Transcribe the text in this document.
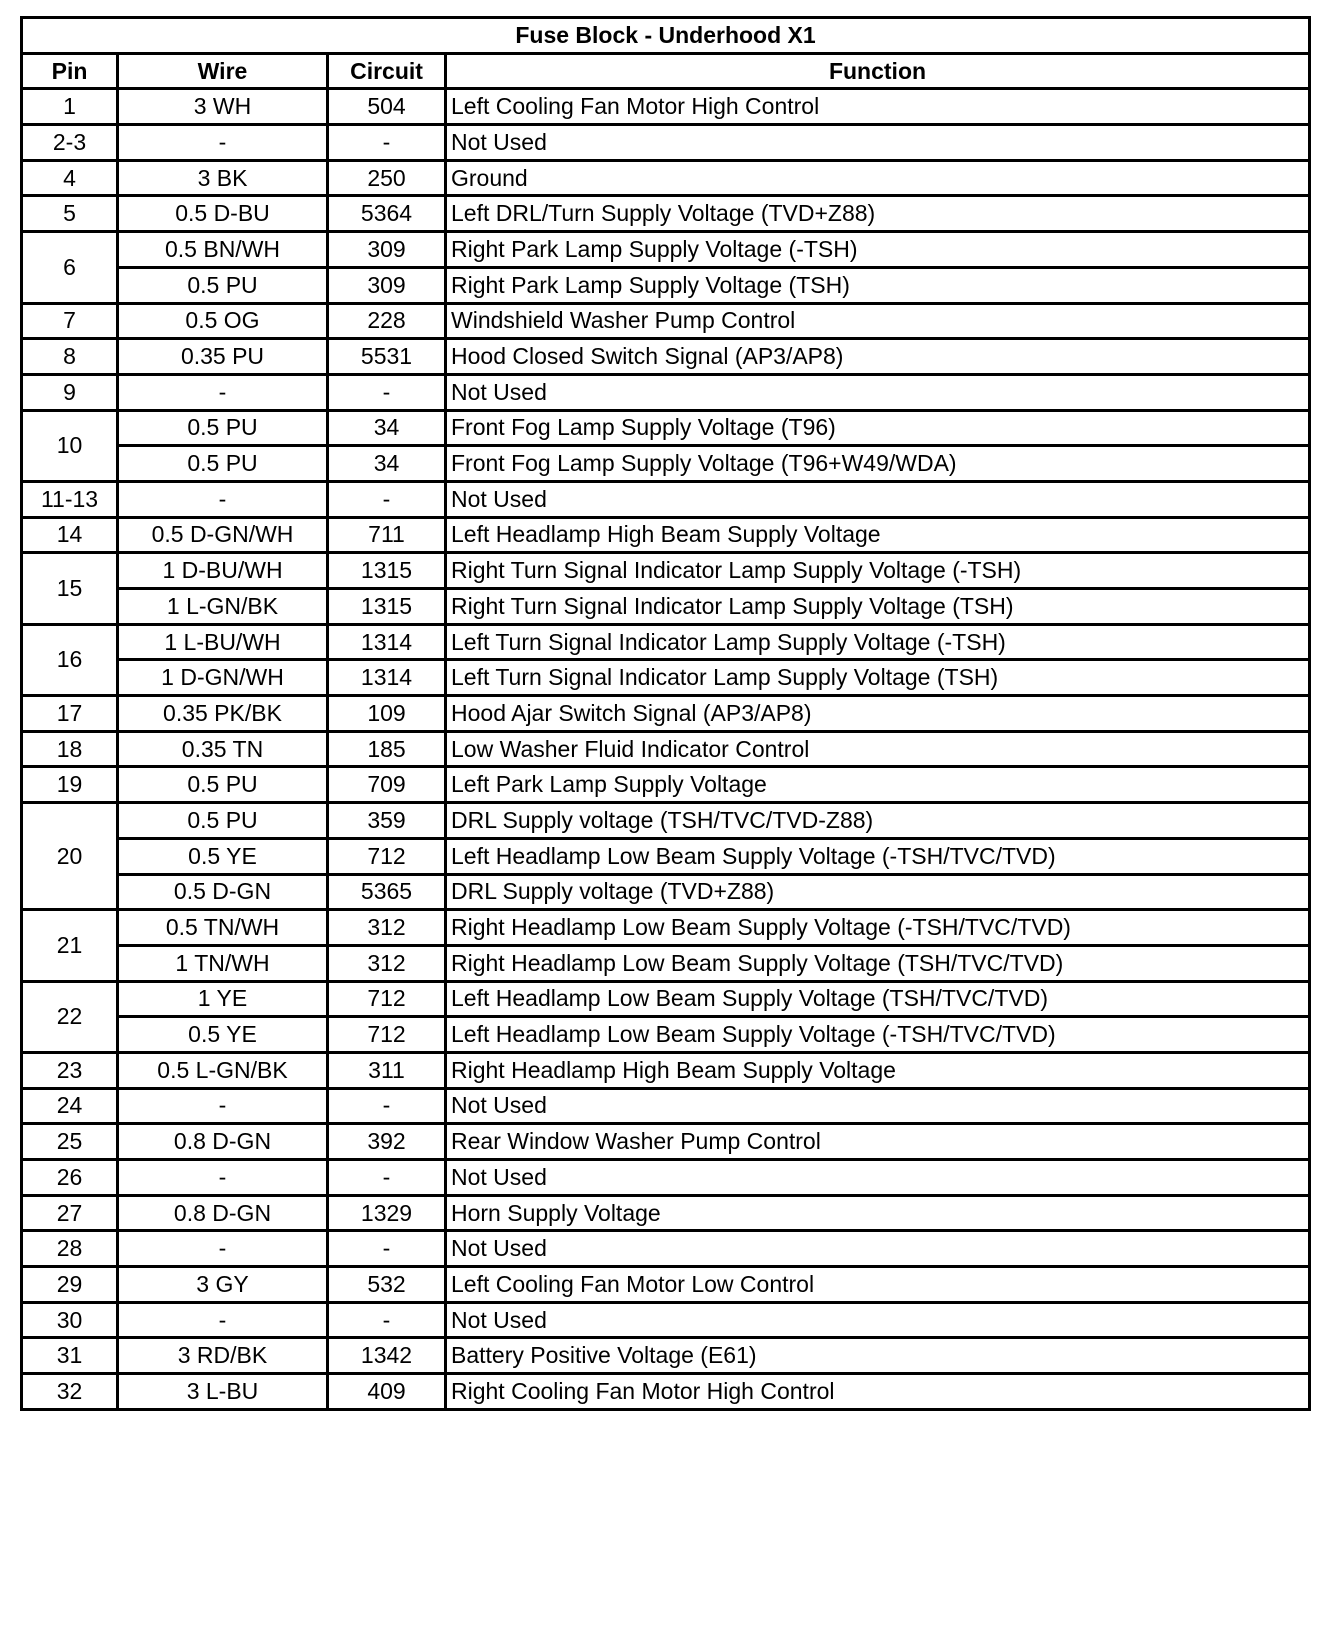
Fuse Block - Underhood X1			
Pin	Wire	Circuit	Function
1	3 WH	504	Left Cooling Fan Motor High Control
2-3	-	-	Not Used
4	3 BK	250	Ground
5	0.5 D-BU	5364	Left DRL/Turn Supply Voltage (TVD+Z88)
6	0.5 BN/WH	309	Right Park Lamp Supply Voltage (-TSH)
	0.5 PU	309	Right Park Lamp Supply Voltage (TSH)
7	0.5 OG	228	Windshield Washer Pump Control
8	0.35 PU	5531	Hood Closed Switch Signal (AP3/AP8)
9	-	-	Not Used
10	0.5 PU	34	Front Fog Lamp Supply Voltage (T96)
	0.5 PU	34	Front Fog Lamp Supply Voltage (T96+W49/WDA)
11-13	-	-	Not Used
14	0.5 D-GN/WH	711	Left Headlamp High Beam Supply Voltage
15	1 D-BU/WH	1315	Right Turn Signal Indicator Lamp Supply Voltage (-TSH)
	1 L-GN/BK	1315	Right Turn Signal Indicator Lamp Supply Voltage (TSH)
16	1 L-BU/WH	1314	Left Turn Signal Indicator Lamp Supply Voltage (-TSH)
	1 D-GN/WH	1314	Left Turn Signal Indicator Lamp Supply Voltage (TSH)
17	0.35 PK/BK	109	Hood Ajar Switch Signal (AP3/AP8)
18	0.35 TN	185	Low Washer Fluid Indicator Control
19	0.5 PU	709	Left Park Lamp Supply Voltage
20	0.5 PU	359	DRL Supply voltage (TSH/TVC/TVD-Z88)
	0.5 YE	712	Left Headlamp Low Beam Supply Voltage (-TSH/TVC/TVD)
	0.5 D-GN	5365	DRL Supply voltage (TVD+Z88)
21	0.5 TN/WH	312	Right Headlamp Low Beam Supply Voltage (-TSH/TVC/TVD)
	1 TN/WH	312	Right Headlamp Low Beam Supply Voltage (TSH/TVC/TVD)
22	1 YE	712	Left Headlamp Low Beam Supply Voltage (TSH/TVC/TVD)
	0.5 YE	712	Left Headlamp Low Beam Supply Voltage (-TSH/TVC/TVD)
23	0.5 L-GN/BK	311	Right Headlamp High Beam Supply Voltage
24	-	-	Not Used
25	0.8 D-GN	392	Rear Window Washer Pump Control
26	-	-	Not Used
27	0.8 D-GN	1329	Horn Supply Voltage
28	-	-	Not Used
29	3 GY	532	Left Cooling Fan Motor Low Control
30	-	-	Not Used
31	3 RD/BK	1342	Battery Positive Voltage (E61)
32	3 L-BU	409	Right Cooling Fan Motor High Control
